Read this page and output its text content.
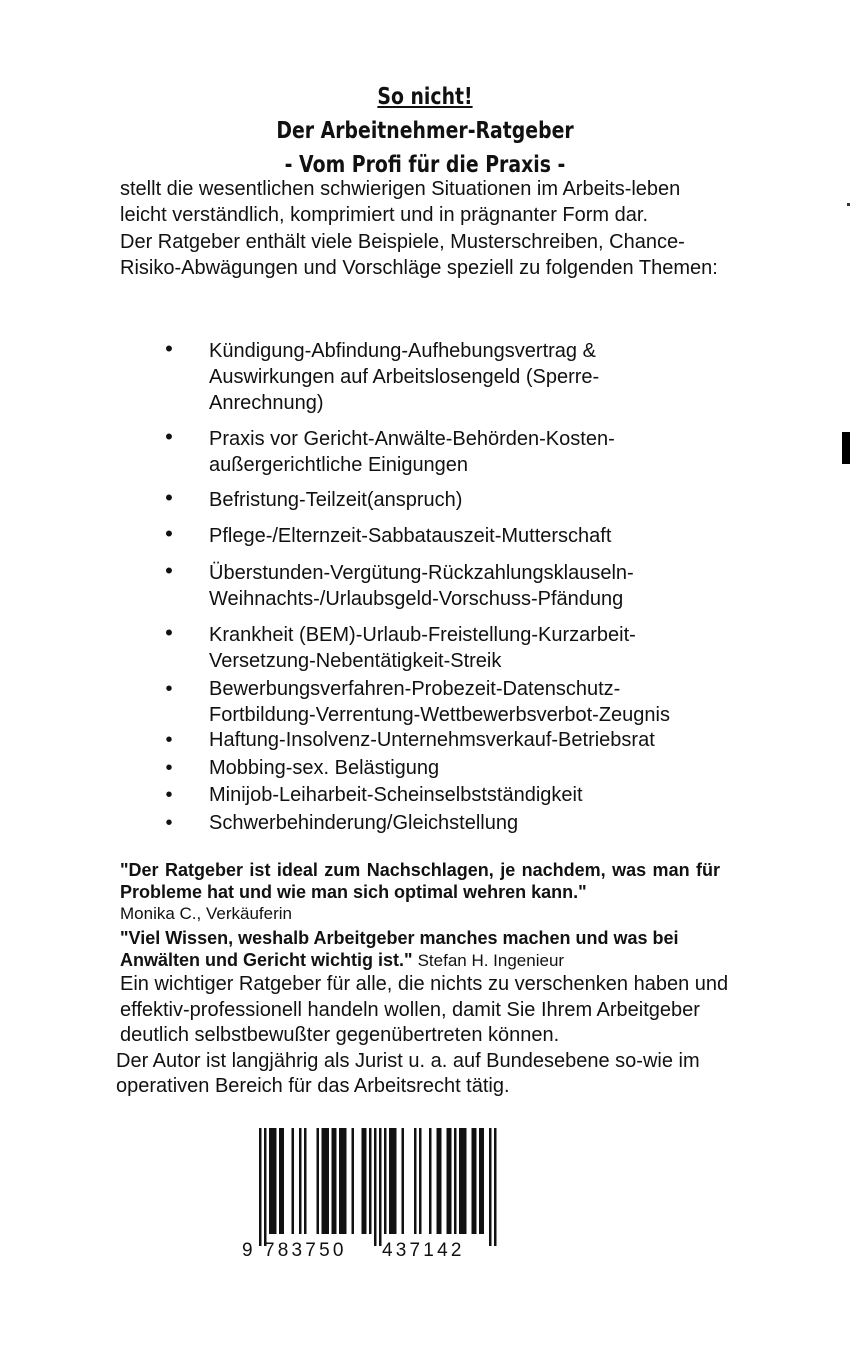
So nicht!
Der Arbeitnehmer-Ratgeber
- Vom Profi für die Praxis -

stellt die wesentlichen schwierigen Situationen im Arbeits-leben leicht verständlich, komprimiert und in prägnanter Form dar.

Der Ratgeber enthält viele Beispiele, Musterschreiben, Chance-Risiko-Abwägungen und Vorschläge speziell zu folgenden Themen:

•	Kündigung-Abfindung-Aufhebungsvertrag &
Auswirkungen auf Arbeitslosengeld (Sperre-
Anrechnung)
•	Praxis vor Gericht-Anwälte-Behörden-Kosten-
außergerichtliche Einigungen
•	Befristung-Teilzeit(anspruch)
•	Pflege-/Elternzeit-Sabbatauszeit-Mutterschaft
•	Überstunden-Vergütung-Rückzahlungsklauseln-
Weihnachts-/Urlaubsgeld-Vorschuss-Pfändung
•	Krankheit (BEM)-Urlaub-Freistellung-Kurzarbeit-
Versetzung-Nebentätigkeit-Streik
•	Bewerbungsverfahren-Probezeit-Datenschutz-
Fortbildung-Verrentung-Wettbewerbsverbot-Zeugnis
•	Haftung-Insolvenz-Unternehmsverkauf-Betriebsrat
•	Mobbing-sex. Belästigung
•	Minijob-Leiharbeit-Scheinselbstständigkeit
•	Schwerbehinderung/Gleichstellung
"Der Ratgeber ist ideal zum Nachschlagen, je nachdem, was man für Probleme hat und wie man sich optimal wehren kann."
Monika C., Verkäuferin
"Viel Wissen, weshalb Arbeitgeber manches machen und was bei Anwälten und Gericht wichtig ist." Stefan H. Ingenieur

Ein wichtiger Ratgeber für alle, die nichts zu verschenken haben und effektiv-professionell handeln wollen, damit Sie Ihrem Arbeitgeber deutlich selbstbewußter gegenübertreten können.

Der Autor ist langjährig als Jurist u. a. auf Bundesebene so-wie im operativen Bereich für das Arbeitsrecht tätig.

9 783750 437142
